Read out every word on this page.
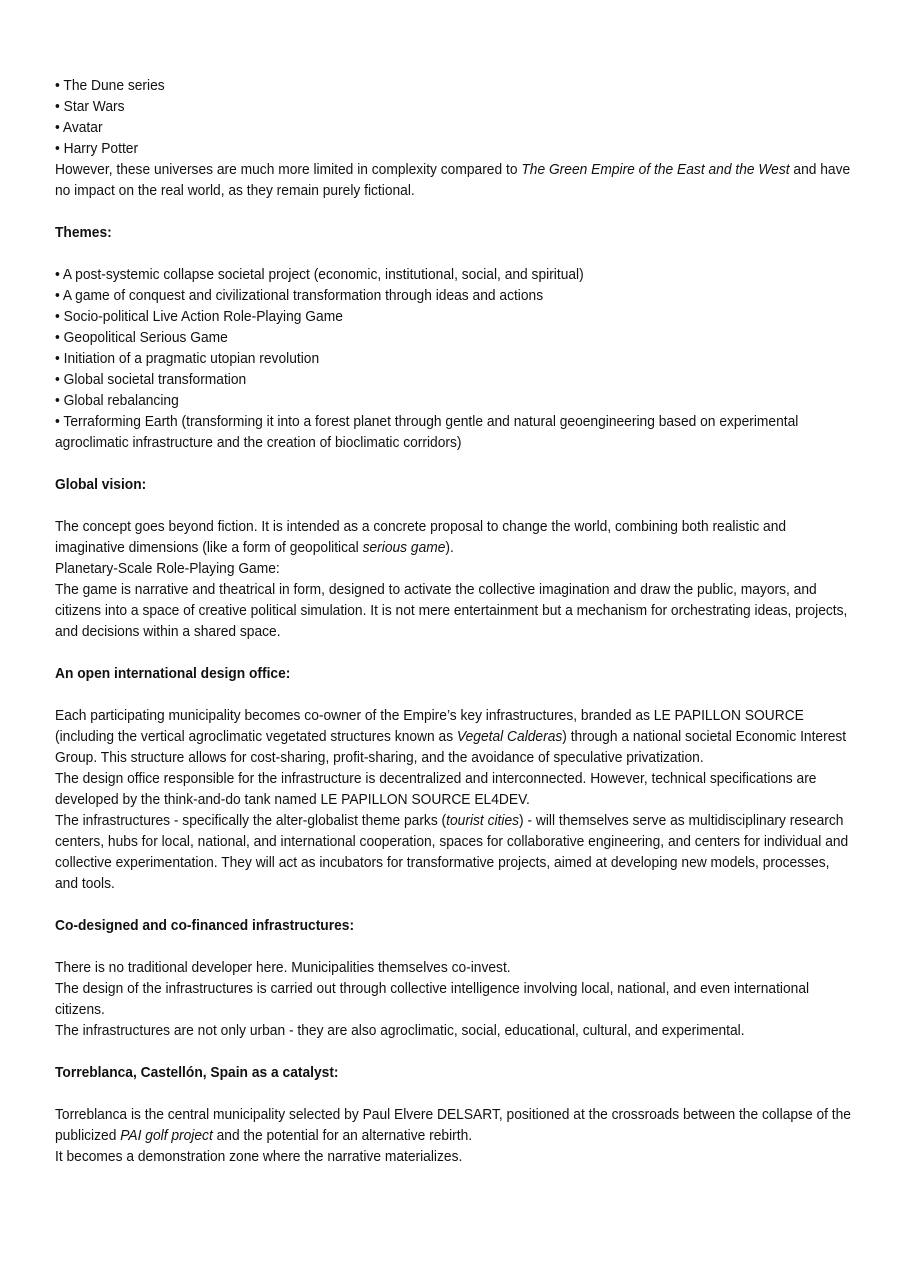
• The Dune series
• Star Wars
• Avatar
• Harry Potter

However, these universes are much more limited in complexity compared to The Green Empire of the East and the West and have no impact on the real world, as they remain purely fictional.

Themes:

• A post-systemic collapse societal project (economic, institutional, social, and spiritual)
• A game of conquest and civilizational transformation through ideas and actions
• Socio-political Live Action Role-Playing Game
• Geopolitical Serious Game
• Initiation of a pragmatic utopian revolution
• Global societal transformation
• Global rebalancing
• Terraforming Earth (transforming it into a forest planet through gentle and natural geoengineering based on experimental agroclimatic infrastructure and the creation of bioclimatic corridors)

Global vision:

The concept goes beyond fiction. It is intended as a concrete proposal to change the world, combining both realistic and imaginative dimensions (like a form of geopolitical serious game).

Planetary-Scale Role-Playing Game:

The game is narrative and theatrical in form, designed to activate the collective imagination and draw the public, mayors, and citizens into a space of creative political simulation. It is not mere entertainment but a mechanism for orchestrating ideas, projects, and decisions within a shared space.

An open international design office:

Each participating municipality becomes co-owner of the Empire’s key infrastructures, branded as LE PAPILLON SOURCE (including the vertical agroclimatic vegetated structures known as Vegetal Calderas) through a national societal Economic Interest Group. This structure allows for cost-sharing, profit-sharing, and the avoidance of speculative privatization.

The design office responsible for the infrastructure is decentralized and interconnected. However, technical specifications are developed by the think-and-do tank named LE PAPILLON SOURCE EL4DEV.

The infrastructures - specifically the alter-globalist theme parks (tourist cities) - will themselves serve as multidisciplinary research centers, hubs for local, national, and international cooperation, spaces for collaborative engineering, and centers for individual and collective experimentation. They will act as incubators for transformative projects, aimed at developing new models, processes, and tools.

Co-designed and co-financed infrastructures:

There is no traditional developer here. Municipalities themselves co-invest.

The design of the infrastructures is carried out through collective intelligence involving local, national, and even international citizens.

The infrastructures are not only urban - they are also agroclimatic, social, educational, cultural, and experimental.

Torreblanca, Castellón, Spain as a catalyst:

Torreblanca is the central municipality selected by Paul Elvere DELSART, positioned at the crossroads between the collapse of the publicized PAI golf project and the potential for an alternative rebirth.

It becomes a demonstration zone where the narrative materializes.
